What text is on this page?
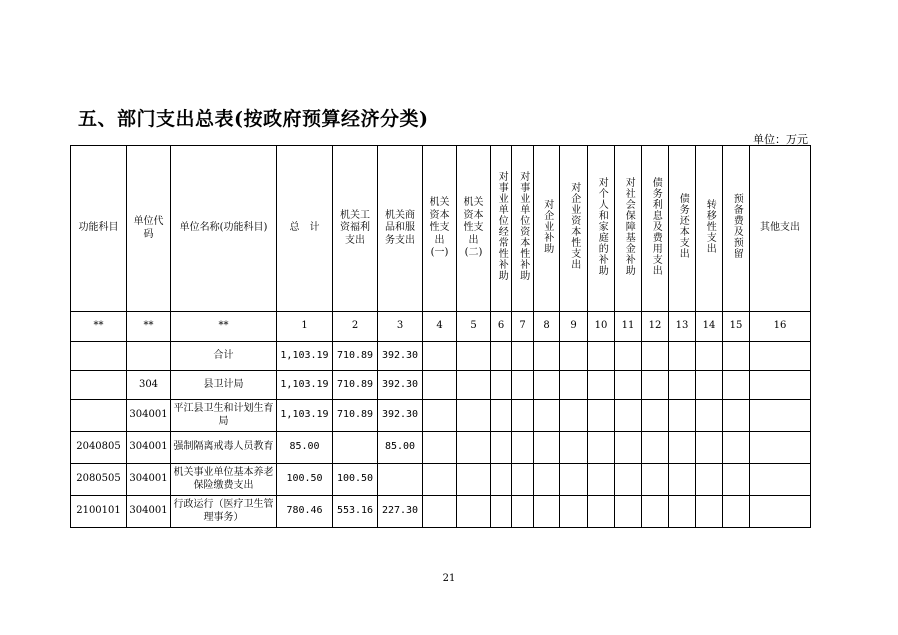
五、部门支出总表(按政府预算经济分类)
单位：万元
功能科目	单位代码	单位名称(功能科目)	总　计	机关工资福利支出	机关商品和服务支出	机关资本性支出(一)	机关资本性支出(二)	对事业单位经常性补助	对事业单位资本性补助	对企业补助	对企业资本性支出	对个人和家庭的补助	对社会保障基金补助	债务利息及费用支出	债务还本支出	转移性支出	预备费及预留	其他支出
**	**	**	1	2	3	4	5	6	7	8	9	10	11	12	13	14	15	16
		合计	1,103.19	710.89	392.30													
	304	县卫计局	1,103.19	710.89	392.30													
	304001	平江县卫生和计划生育局	1,103.19	710.89	392.30													
2040805	304001	强制隔离戒毒人员教育	85.00		85.00													
2080505	304001	机关事业单位基本养老保险缴费支出	100.50	100.50														
2100101	304001	行政运行（医疗卫生管理事务）	780.46	553.16	227.30													
21
